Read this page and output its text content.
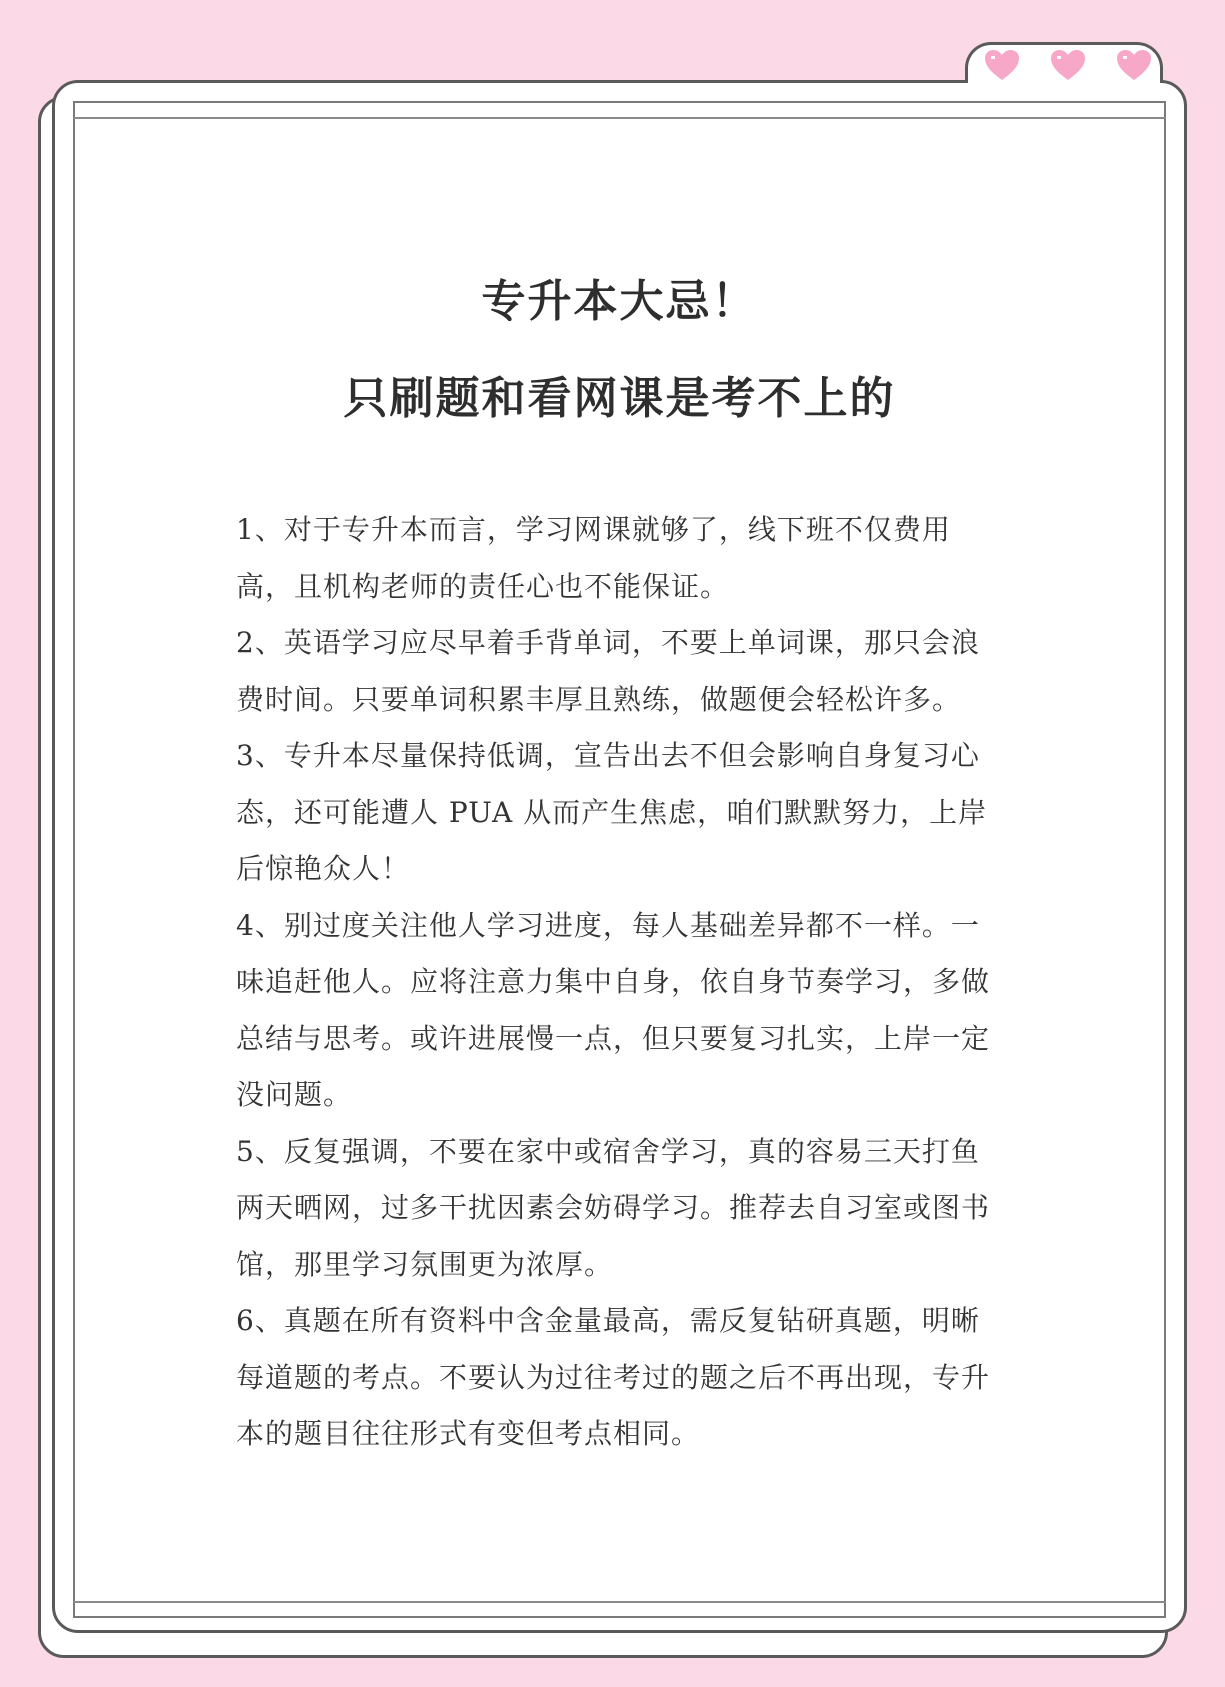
专升本大忌！
只刷题和看网课是考不上的

1、对于专升本而言，学习网课就够了，线下班不仅费用高，且机构老师的责任心也不能保证。

2、英语学习应尽早着手背单词，不要上单词课，那只会浪费时间。只要单词积累丰厚且熟练，做题便会轻松许多。

3、专升本尽量保持低调，宣告出去不但会影响自身复习心态，还可能遭人 PUA 从而产生焦虑，咱们默默努力，上岸后惊艳众人！

4、别过度关注他人学习进度，每人基础差异都不一样。一味追赶他人。应将注意力集中自身，依自身节奏学习，多做总结与思考。或许进展慢一点，但只要复习扎实，上岸一定没问题。

5、反复强调，不要在家中或宿舍学习，真的容易三天打鱼两天晒网，过多干扰因素会妨碍学习。推荐去自习室或图书馆，那里学习氛围更为浓厚。

6、真题在所有资料中含金量最高，需反复钻研真题，明晰每道题的考点。不要认为过往考过的题之后不再出现，专升本的题目往往形式有变但考点相同。
